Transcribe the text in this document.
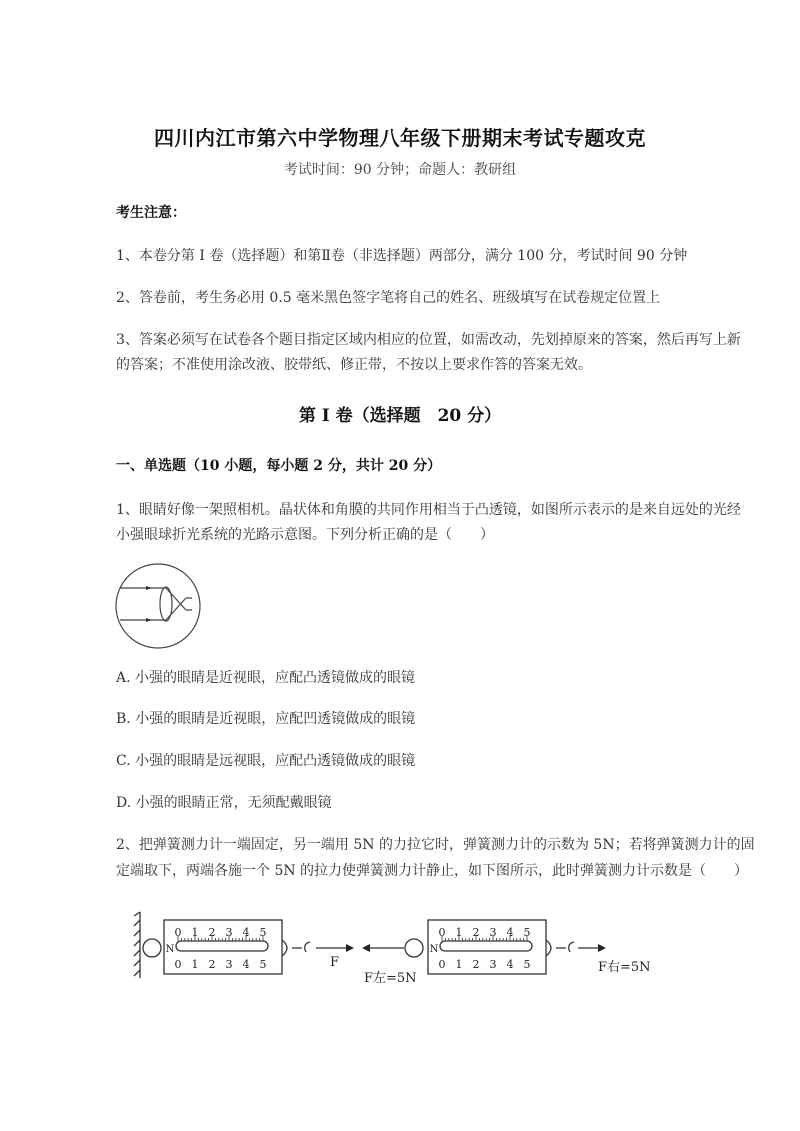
四川内江市第六中学物理八年级下册期末考试专题攻克
考试时间：90 分钟；命题人：教研组
考生注意：
1、本卷分第 I 卷（选择题）和第Ⅱ卷（非选择题）两部分，满分 100 分，考试时间 90 分钟
2、答卷前，考生务必用 0.5 毫米黑色签字笔将自己的姓名、班级填写在试卷规定位置上
3、答案必须写在试卷各个题目指定区域内相应的位置，如需改动，先划掉原来的答案，然后再写上新
的答案；不准使用涂改液、胶带纸、修正带，不按以上要求作答的答案无效。
第 I 卷（选择题　20 分）
一、单选题（10 小题，每小题 2 分，共计 20 分）
1、眼睛好像一架照相机。晶状体和角膜的共同作用相当于凸透镜，如图所示表示的是来自远处的光经
小强眼球折光系统的光路示意图。下列分析正确的是（　　）
A. 小强的眼睛是近视眼，应配凸透镜做成的眼镜
B. 小强的眼睛是近视眼，应配凹透镜做成的眼镜
C. 小强的眼睛是远视眼，应配凸透镜做成的眼镜
D. 小强的眼睛正常，无须配戴眼镜
2、把弹簧测力计一端固定，另一端用 5N 的力拉它时，弹簧测力计的示数为 5N；若将弹簧测力计的固
定端取下，两端各施一个 5N 的拉力使弹簧测力计静止，如下图所示，此时弹簧测力计示数是（　　）
0 1 2 3 4 5
0 1 2 3 4 5
0 1 2 3 4 5
0 1 2 3 4 5
N	N
F
F左=5N
F右=5N
